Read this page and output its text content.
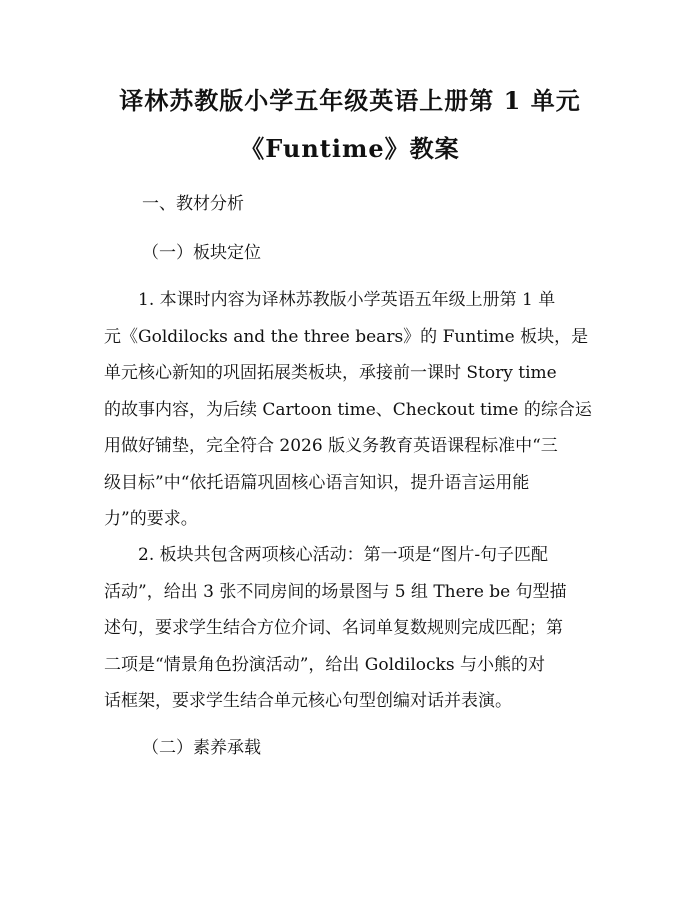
译林苏教版小学五年级英语上册第 1 单元
《Funtime》教案

一、教材分析

（一）板块定位

1. 本课时内容为译林苏教版小学英语五年级上册第 1 单
元《Goldilocks and the three bears》的 Funtime 板块，是
单元核心新知的巩固拓展类板块，承接前一课时 Story time
的故事内容，为后续 Cartoon time、Checkout time 的综合运
用做好铺垫，完全符合 2026 版义务教育英语课程标准中“三
级目标”中“依托语篇巩固核心语言知识，提升语言运用能
力”的要求。
2. 板块共包含两项核心活动：第一项是“图片-句子匹配
活动”，给出 3 张不同房间的场景图与 5 组 There be 句型描
述句，要求学生结合方位介词、名词单复数规则完成匹配；第
二项是“情景角色扮演活动”，给出 Goldilocks 与小熊的对
话框架，要求学生结合单元核心句型创编对话并表演。

（二）素养承载
